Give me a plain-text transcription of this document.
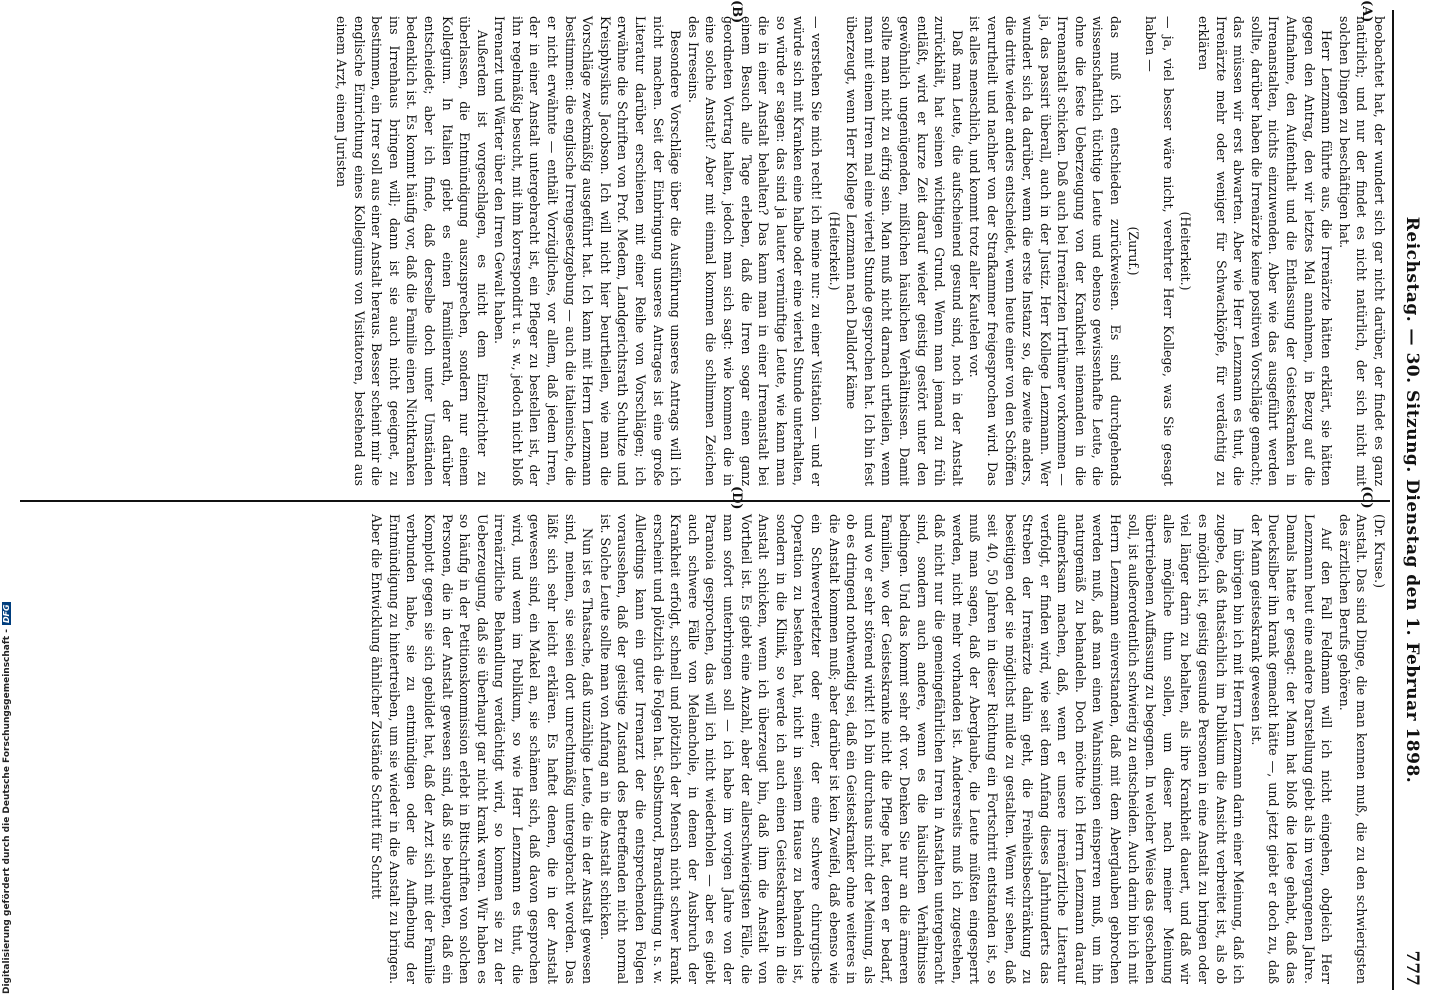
Reichstag. — 30. Sitzung. Dienstag den 1. Februar 1898.
777
(C)
(D)
(A)
(B)

(Dr. Kruse.)

Anstalt. Das sind Dinge, die man kennen muß, die zu den schwierigsten des ärztlichen Berufs gehören.

Auf den Fall Feldmann will ich nicht eingehen, obgleich Herr Lenzmann heut eine andere Darstellung giebt als im vergangenen Jahre. Damals hatte er gesagt: der Mann hat bloß die Idee gehabt, daß das Duecksilber ihn krank gemacht hätte —, und jetzt giebt er doch zu, daß der Mann geisteskrank gewesen ist.

Im übrigen bin ich mit Herrn Lenzmann darin einer Meinung, daß ich zugebe, daß thatsächlich im Publikum die Ansicht verbreitet ist, als ob es möglich ist, geistig gesunde Personen in eine Anstalt zu bringen oder viel länger darin zu behalten, als ihre Krankheit dauert, und daß wir alles mögliche thun sollen, um dieser nach meiner Meinung übertriebenen Auffassung zu begegnen. In welcher Weise das geschehen soll, ist außerordentlich schwierig zu entscheiden. Auch darin bin ich mit Herrn Lenzmann einverstanden, daß mit dem Aberglauben gebrochen werden muß, daß man einen Wahnsinnigen einsperren muß, um ihn naturgemäß zu behandeln. Doch möchte ich Herrn Lenzmann darauf aufmerksam machen, daß, wenn er unsere irrenärztliche Literatur verfolgt, er finden wird, wie seit dem Anfang dieses Jahrhunderts das Streben der Irrenärzte dahin geht, die Freiheitsbeschränkung zu beseitigen oder sie möglichst milde zu gestalten. Wenn wir sehen, daß seit 40, 50 Jahren in dieser Richtung ein Fortschritt entstanden ist, so muß man sagen, daß der Aberglaube, die Leute müßten eingesperrt werden, nicht mehr vorhanden ist. Andererseits muß ich zugestehen, daß nicht nur die gemeingefährlichen Irren in Anstalten untergebracht sind, sondern auch andere, wenn es die häuslichen Verhältnisse bedingen. Und das kommt sehr oft vor. Denken Sie nur an die ärmeren Familien, wo der Geisteskranke nicht die Pflege hat, deren er bedarf, und wo er sehr störend wirkt! Ich bin durchaus nicht der Meinung, als ob es dringend nothwendig sei, daß ein Geisteskranker ohne weiteres in die Anstalt kommen muß; aber darüber ist kein Zweifel, daß ebenso wie ein Schwerverletzter oder einer, der eine schwere chirurgische Operation zu bestehen hat, nicht in seinem Hause zu behandeln ist, sondern in die Klinik, so werde ich auch einen Geisteskranken in die Anstalt schicken, wenn ich überzeugt bin, daß ihm die Anstalt von Vortheil ist. Es giebt eine Anzahl, aber der allerschwierigsten Fälle, die man sofort unterbringen soll — ich habe im vorigen Jahre von der Paranoia gesprochen, das will ich nicht wiederholen — aber es giebt auch schwere Fälle von Melancholie, in denen der Ausbruch der Krankheit erfolgt, schnell und plötzlich der Mensch nicht schwer krank erscheint und plötzlich die Folgen hat. Selbstmord, Brandstiftung u. s. w. Allerdings kann ein guter Irrenarzt der die entsprechenden Folgen voraussehen, daß der geistige Zustand des Betreffenden nicht normal ist. Solche Leute sollte man von Anfang an in die Anstalt schicken.

Nun ist es Thatsache, daß unzählige Leute, die in der Anstalt gewesen sind, meinen, sie seien dort unrechtmäßig untergebracht worden. Das läßt sich sehr leicht erklären. Es haftet denen, die in der Anstalt gewesen sind, ein Makel an, sie schämen sich, daß davon gesprochen wird, und wenn im Publikum, so wie Herr Lenzmann es thut, die irrenärztliche Behandlung verdächtigt wird, so kommen sie zu der Ueberzeugung, daß sie überhaupt gar nicht krank waren. Wir haben es so häufig in der Petitionskommission erlebt in Bittschriften von solchen Personen, die in der Anstalt gewesen sind, daß sie behaupten, daß ein Komplott gegen sie sich gebildet hat, daß der Arzt sich mit der Familie verbunden habe, sie zu entmündigen oder die Aufhebung der Entmündigung zu hintertreiben, um sie wieder in die Anstalt zu bringen. Aber die Entwicklung ähnlicher Zustände Schritt für Schritt

beobachtet hat, der wundert sich gar nicht darüber, der findet es ganz natürlich; und nur der findet es nicht natürlich, der sich nicht mit solchen Dingen zu beschäftigen hat.

Herr Lenzmann führte aus, die Irrenärzte hätten erklärt, sie hätten gegen den Antrag, den wir letztes Mal annahmen, in Bezug auf die Aufnahme, den Aufenthalt und die Entlassung der Geisteskranken in Irrenanstalten, nichts einzuwenden. Aber wie das ausgeführt werden sollte, darüber haben die Irrenärzte keine positiven Vorschläge gemacht; das müssen wir erst abwarten. Aber wie Herr Lenzmann es thut, die Irrenärzte mehr oder weniger für Schwachköpfe, für verdächtig zu erklären

(Heiterkeit.)

— ja, viel besser wäre nicht, verehrter Herr Kollege, was Sie gesagt haben —

(Zuruf.)

das muß ich entschieden zurückweisen. Es sind durchgehends wissenschaftlich tüchtige Leute und ebenso gewissenhafte Leute, die ohne die feste Ueberzeugung von der Krankheit niemanden in die Irrenanstalt schicken. Daß auch bei Irrenärzten Irrthümer vorkommen — ja, das passirt überall, auch in der Justiz. Herr Kollege Lenzmann. Wer wundert sich da darüber, wenn die erste Instanz so, die zweite anders, die dritte wieder anders entscheidet, wenn heute einer von den Schöffen verurtheilt und nachher von der Strafkammer freigesprochen wird. Das ist alles menschlich, und kommt trotz aller Kautelen vor.

Daß man Leute, die aufscheinend gesund sind, noch in der Anstalt zurückhält, hat seinen wichtigen Grund. Wenn man jemand zu früh entläßt, wird er kurze Zeit darauf wieder geistig gestört unter den gewöhnlich ungenügenden, mißlichen häuslichen Verhältnissen. Damit sollte man nicht zu eifrig sein. Man muß nicht darnach urtheilen, wenn man mit einem Irren mal eine viertel Stunde gesprochen hat. Ich bin fest überzeugt, wenn Herr Kollege Lenzmann nach Dalldorf käme

(Heiterkeit.)

— verstehen Sie mich recht! ich meine nur: zu einer Visitation — und er würde sich mit Kranken eine halbe oder eine viertel Stunde unterhalten, so würde er sagen: das sind ja lauter vernünftige Leute, wie kann man die in einer Anstalt behalten? Das kann man in einer Irrenanstalt bei einem Besuch alle Tage erleben, daß die Irren sogar einen ganz geordneten Vortrag halten, jedoch man sich sagt: wie kommen die in eine solche Anstalt? Aber mit einmal kommen die schlimmen Zeichen des Irreseins.

Besondere Vorschläge über die Ausführung unseres Antrags will ich nicht machen. Seit der Einbringung unseres Antrages ist eine große Literatur darüber erschienen mit einer Reihe von Vorschlägen; ich erwähne die Schriften von Prof. Medem, Landgerichtsrath Schultze und Kreisphysikus Jacobson. Ich will nicht hier beurtheilen, wie man die Vorschläge zweckmäßig ausgeführt hat. Ich kann mit Herrn Lenzmann bestimmen: die englische Irrengesetzgebung — auch die italienische, die er nicht erwähnte — enthält Vorzügliches, vor allem, daß jedem Irren, der in einer Anstalt untergebracht ist, ein Pfleger zu bestellen ist, der ihn regelmäßig besucht, mit ihm korrespondirt u. s. w., jedoch nicht bloß Irrenarzt und Wärter über den Irren Gewalt haben.

Außerdem ist vorgeschlagen, es nicht dem Einzelrichter zu überlassen, die Entmündigung auszusprechen, sondern nur einem Kollegium. In Italien giebt es einen Familienrath, der darüber entscheidet; aber ich finde, daß derselbe doch unter Umständen bedenklich ist. Es kommt häufig vor, daß die Familie einen Nichtkranken ins Irrenhaus bringen will; dann ist sie auch nicht geeignet, zu bestimmen, ein Irrer soll aus einer Anstalt heraus. Besser scheint mir die englische Einrichtung eines Kollegiums von Visitatoren, bestehend aus einem Arzt, einem Juristen

Digitalisierung gefördert durch die Deutsche Forschungsgemeinschaft -DFG
